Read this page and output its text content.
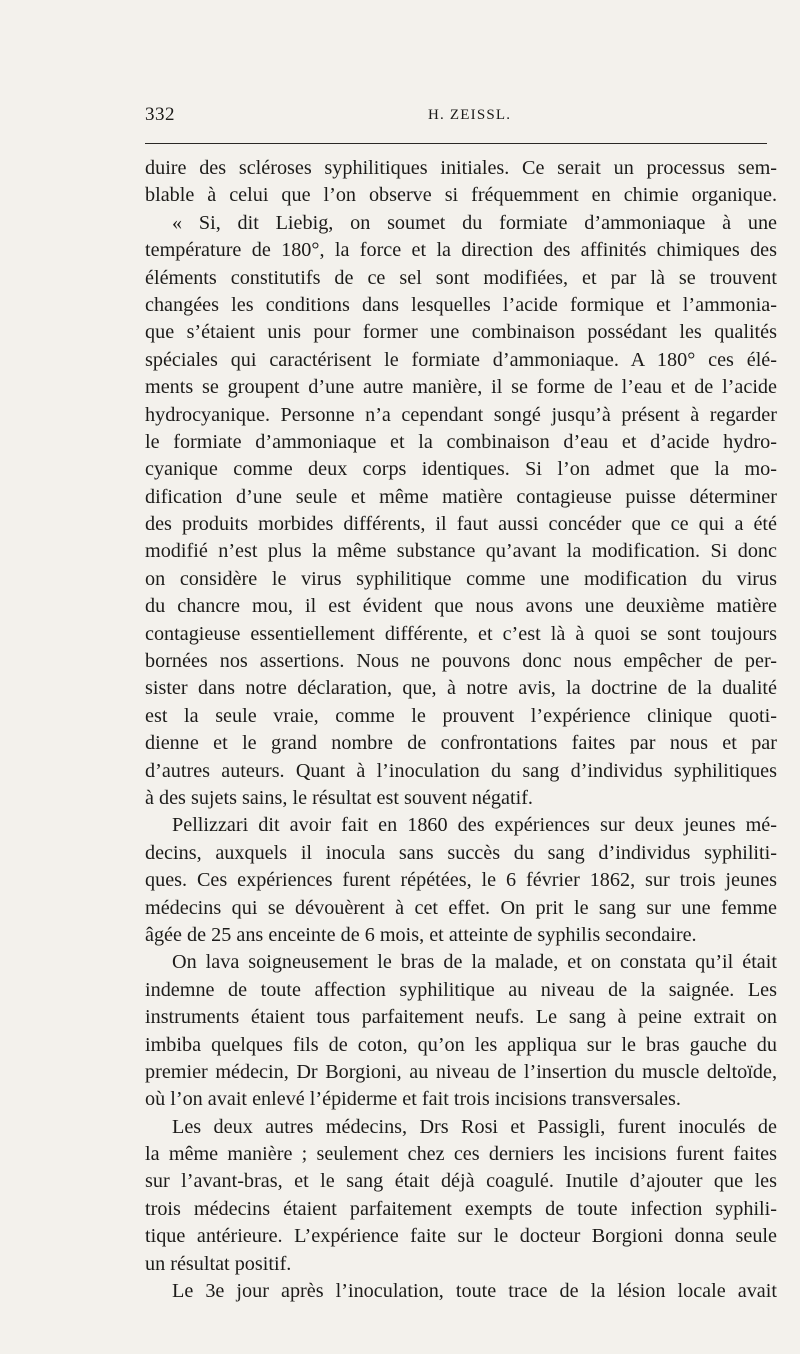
332	H. ZEISSL.
duire des scléroses syphilitiques initiales. Ce serait un processus sem-
blable à celui que l’on observe si fréquemment en chimie organique.
« Si, dit Liebig, on soumet du formiate d’ammoniaque à une
température de 180°, la force et la direction des affinités chimiques des
éléments constitutifs de ce sel sont modifiées, et par là se trouvent
changées les conditions dans lesquelles l’acide formique et l’ammonia-
que s’étaient unis pour former une combinaison possédant les qualités
spéciales qui caractérisent le formiate d’ammoniaque. A 180° ces élé-
ments se groupent d’une autre manière, il se forme de l’eau et de l’acide
hydrocyanique. Personne n’a cependant songé jusqu’à présent à regarder
le formiate d’ammoniaque et la combinaison d’eau et d’acide hydro-
cyanique comme deux corps identiques. Si l’on admet que la mo-
dification d’une seule et même matière contagieuse puisse déterminer
des produits morbides différents, il faut aussi concéder que ce qui a été
modifié n’est plus la même substance qu’avant la modification. Si donc
on considère le virus syphilitique comme une modification du virus
du chancre mou, il est évident que nous avons une deuxième matière
contagieuse essentiellement différente, et c’est là à quoi se sont toujours
bornées nos assertions. Nous ne pouvons donc nous empêcher de per-
sister dans notre déclaration, que, à notre avis, la doctrine de la dualité
est la seule vraie, comme le prouvent l’expérience clinique quoti-
dienne et le grand nombre de confrontations faites par nous et par
d’autres auteurs. Quant à l’inoculation du sang d’individus syphilitiques
à des sujets sains, le résultat est souvent négatif.
Pellizzari dit avoir fait en 1860 des expériences sur deux jeunes mé-
decins, auxquels il inocula sans succès du sang d’individus syphiliti-
ques. Ces expériences furent répétées, le 6 février 1862, sur trois jeunes
médecins qui se dévouèrent à cet effet. On prit le sang sur une femme
âgée de 25 ans enceinte de 6 mois, et atteinte de syphilis secondaire.
On lava soigneusement le bras de la malade, et on constata qu’il était
indemne de toute affection syphilitique au niveau de la saignée. Les
instruments étaient tous parfaitement neufs. Le sang à peine extrait on
imbiba quelques fils de coton, qu’on les appliqua sur le bras gauche du
premier médecin, Dr Borgioni, au niveau de l’insertion du muscle deltoïde,
où l’on avait enlevé l’épiderme et fait trois incisions transversales.
Les deux autres médecins, Drs Rosi et Passigli, furent inoculés de
la même manière ; seulement chez ces derniers les incisions furent faites
sur l’avant-bras, et le sang était déjà coagulé. Inutile d’ajouter que les
trois médecins étaient parfaitement exempts de toute infection syphili-
tique antérieure. L’expérience faite sur le docteur Borgioni donna seule
un résultat positif.
Le 3e jour après l’inoculation, toute trace de la lésion locale avait
